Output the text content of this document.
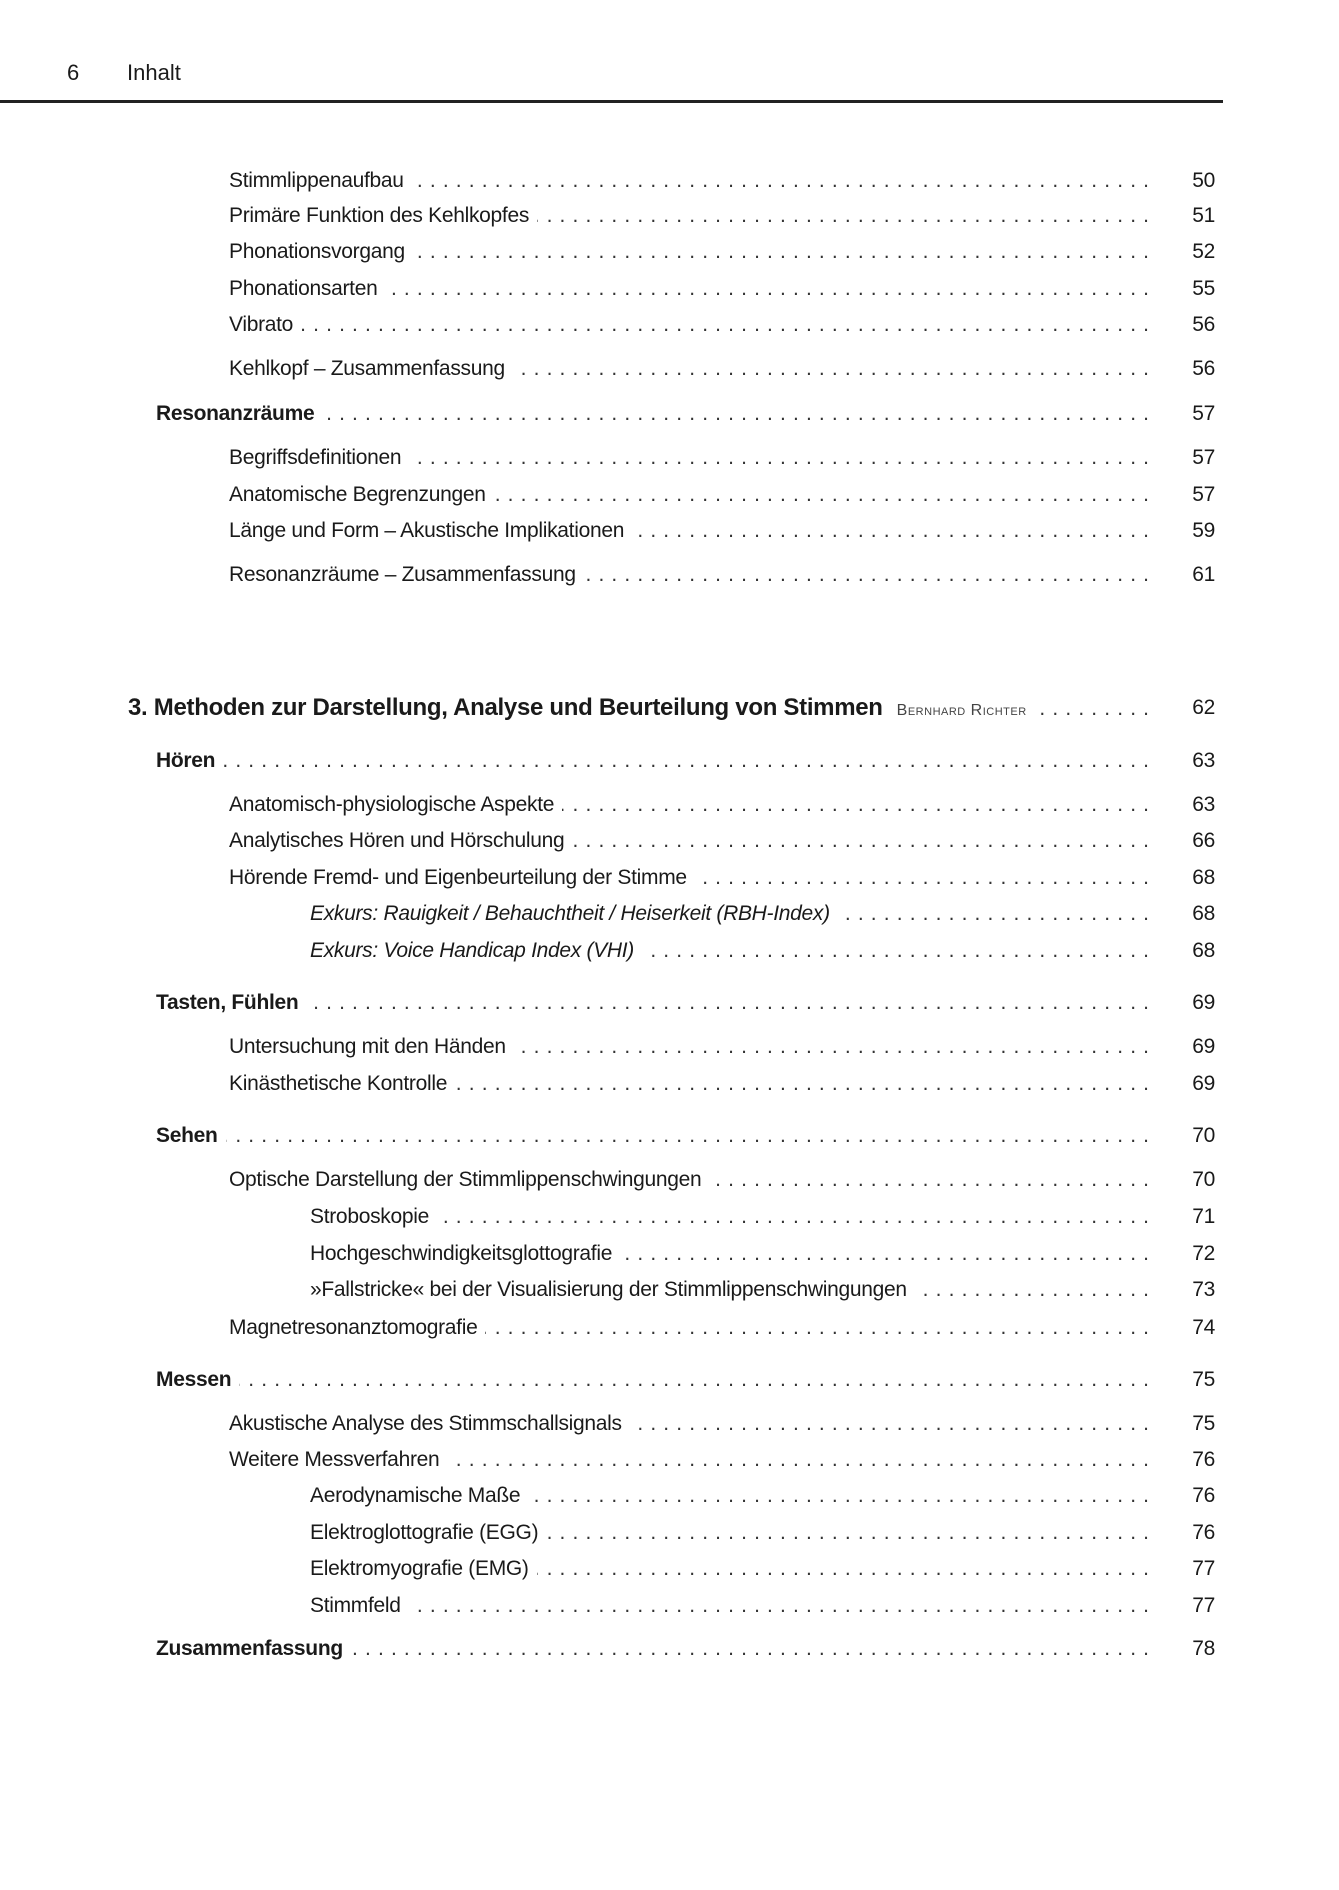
6 Inhalt
Stimmlippenaufbau . . .	50
Primäre Funktion des Kehlkopfes . . .	51
Phonationsvorgang . . .	52
Phonationsarten . . .	55
Vibrato . . .	56
Kehlkopf – Zusammenfassung . . .	56
Resonanzräume . . .	57
Begriffsdefinitionen . . .	57
Anatomische Begrenzungen . . .	57
Länge und Form – Akustische Implikationen . . .	59
Resonanzräume – Zusammenfassung . . .	61
3. Methoden zur Darstellung, Analyse und Beurteilung von Stimmen Bernhard Richter . . .	62
Hören . . .	63
Anatomisch-physiologische Aspekte . . .	63
Analytisches Hören und Hörschulung . . .	66
Hörende Fremd- und Eigenbeurteilung der Stimme . . .	68
Exkurs: Rauigkeit / Behauchtheit / Heiserkeit (RBH-Index) . . .	68
Exkurs: Voice Handicap Index (VHI) . . .	68
Tasten, Fühlen . . .	69
Untersuchung mit den Händen . . .	69
Kinästhetische Kontrolle . . .	69
Sehen . . .	70
Optische Darstellung der Stimmlippenschwingungen . . .	70
Stroboskopie . . .	71
Hochgeschwindigkeitsglottografie . . .	72
»Fallstricke« bei der Visualisierung der Stimmlippenschwingungen . . .	73
Magnetresonanztomografie . . .	74
Messen . . .	75
Akustische Analyse des Stimmschallsignals . . .	75
Weitere Messverfahren . . .	76
Aerodynamische Maße . . .	76
Elektroglottografie (EGG) . . .	76
Elektromyografie (EMG) . . .	77
Stimmfeld . . .	77
Zusammenfassung . . .	78
